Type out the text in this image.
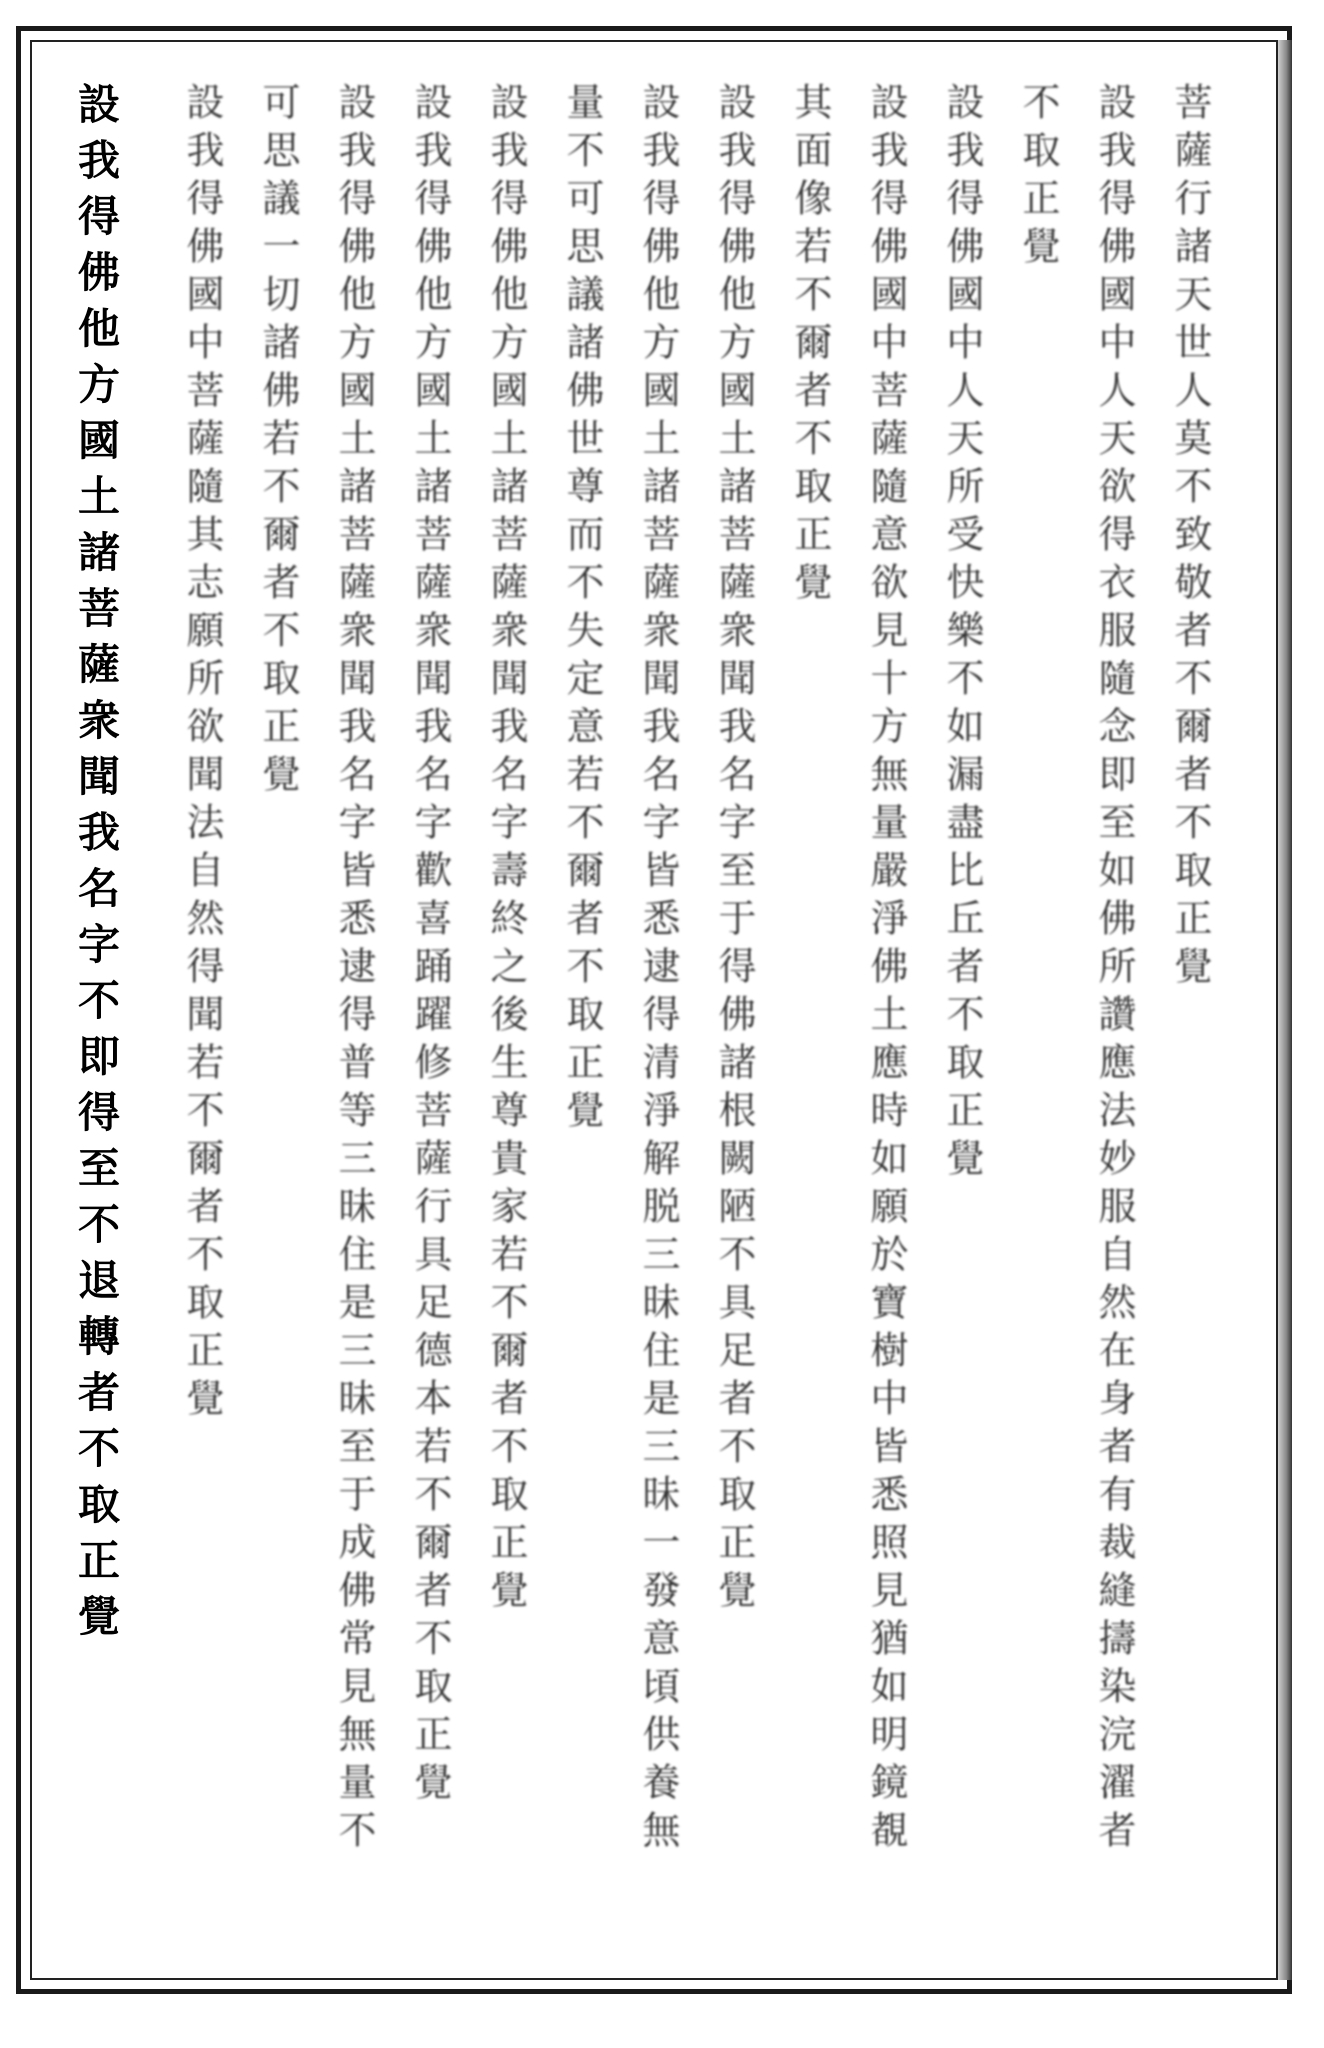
菩薩行諸天世人莫不致敬者不爾者不取正覺
設我得佛國中人天欲得衣服隨念即至如佛所讚應法妙服自然在身者有裁縫擣染浣濯者
不取正覺
設我得佛國中人天所受快樂不如漏盡比丘者不取正覺
設我得佛國中菩薩隨意欲見十方無量嚴淨佛土應時如願於寶樹中皆悉照見猶如明鏡覩
其面像若不爾者不取正覺
設我得佛他方國土諸菩薩衆聞我名字至于得佛諸根闕陋不具足者不取正覺
設我得佛他方國土諸菩薩衆聞我名字皆悉逮得清淨解脱三昧住是三昧一發意頃供養無
量不可思議諸佛世尊而不失定意若不爾者不取正覺
設我得佛他方國土諸菩薩衆聞我名字壽終之後生尊貴家若不爾者不取正覺
設我得佛他方國土諸菩薩衆聞我名字歡喜踊躍修菩薩行具足德本若不爾者不取正覺
設我得佛他方國土諸菩薩衆聞我名字皆悉逮得普等三昧住是三昧至于成佛常見無量不
可思議一切諸佛若不爾者不取正覺
設我得佛國中菩薩隨其志願所欲聞法自然得聞若不爾者不取正覺
設我得佛他方國土諸菩薩衆聞我名字不即得至不退轉者不取正覺
